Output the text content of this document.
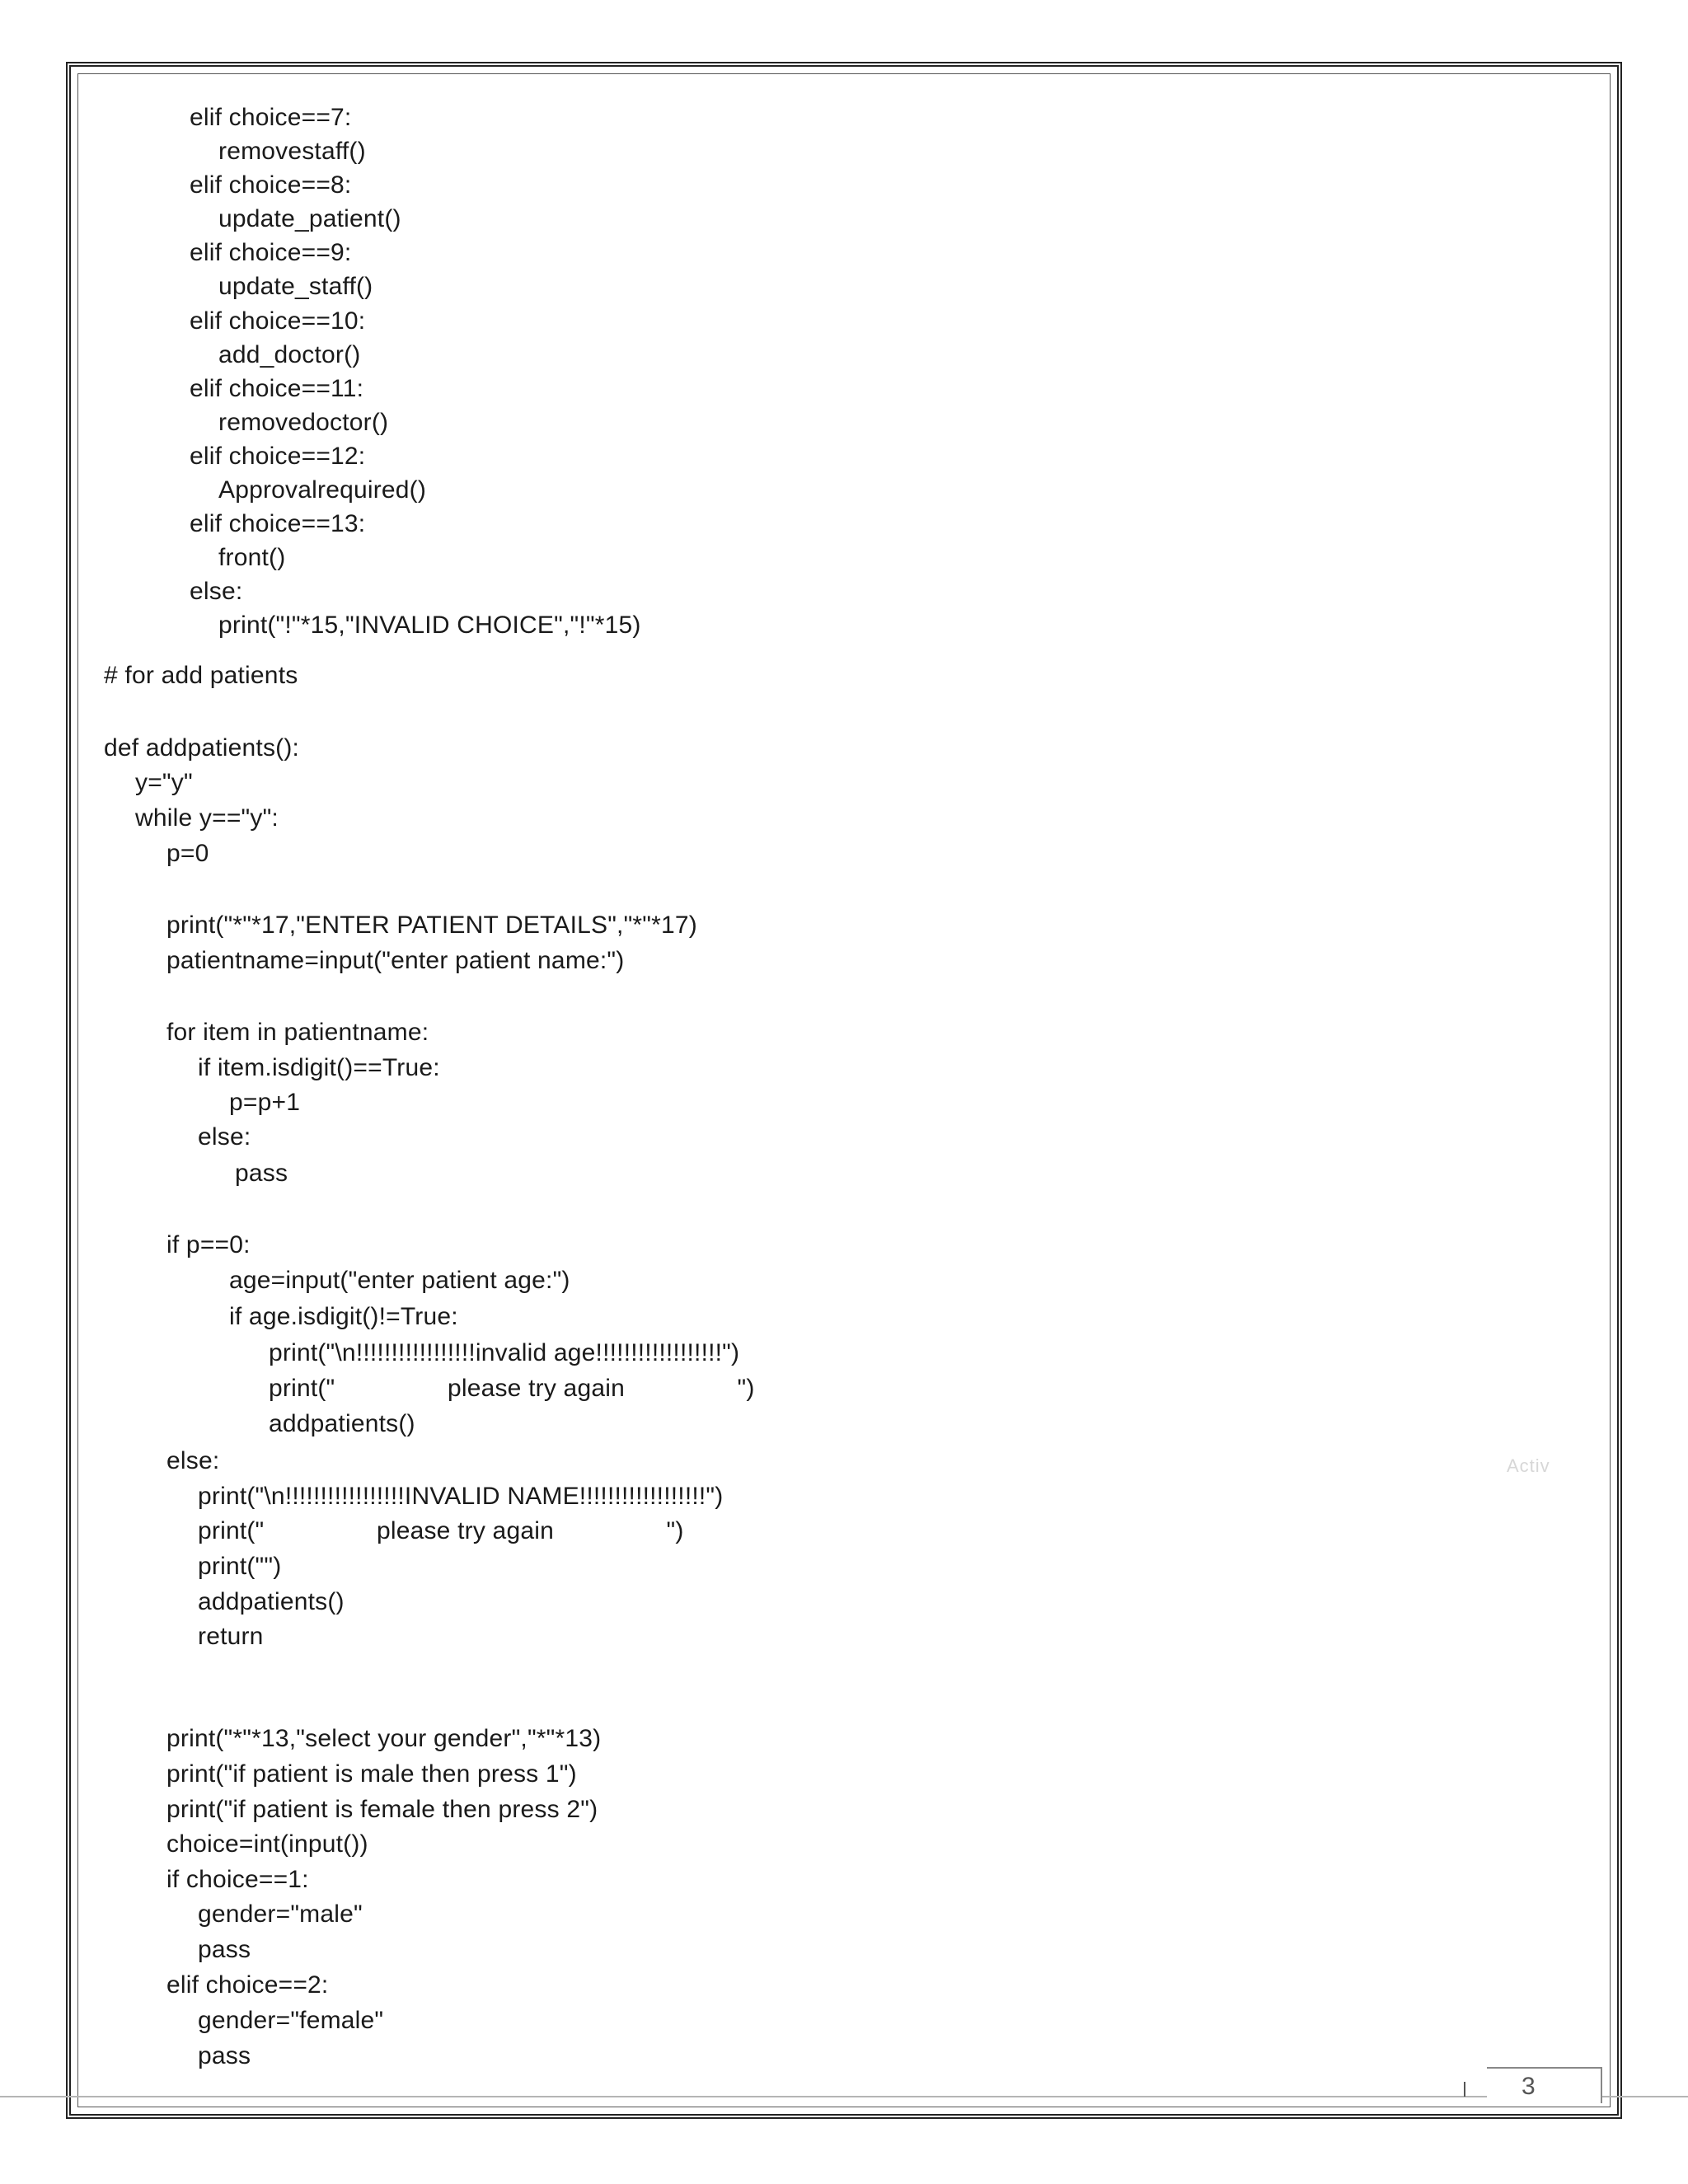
elif choice==7:
removestaff()
elif choice==8:
update_patient()
elif choice==9:
update_staff()
elif choice==10:
add_doctor()
elif choice==11:
removedoctor()
elif choice==12:
Approvalrequired()
elif choice==13:
front()
else:
print("!"*15,"INVALID CHOICE","!"*15)
# for add patients
def addpatients():
y="y"
while y=="y":
p=0
print("*"*17,"ENTER PATIENT DETAILS","*"*17)
patientname=input("enter patient name:")
for item in patientname:
if item.isdigit()==True:
p=p+1
else:
pass
if p==0:
age=input("enter patient age:")
if age.isdigit()!=True:
print("\n!!!!!!!!!!!!!!!!!invalid age!!!!!!!!!!!!!!!!!!")
print("                please try again                ")
addpatients()
else:
print("\n!!!!!!!!!!!!!!!!!INVALID NAME!!!!!!!!!!!!!!!!!!")
print("                please try again                ")
print("")
addpatients()
return
print("*"*13,"select your gender","*"*13)
print("if patient is male then press 1")
print("if patient is female then press 2")
choice=int(input())
if choice==1:
gender="male"
pass
elif choice==2:
gender="female"
pass
Activ
3
